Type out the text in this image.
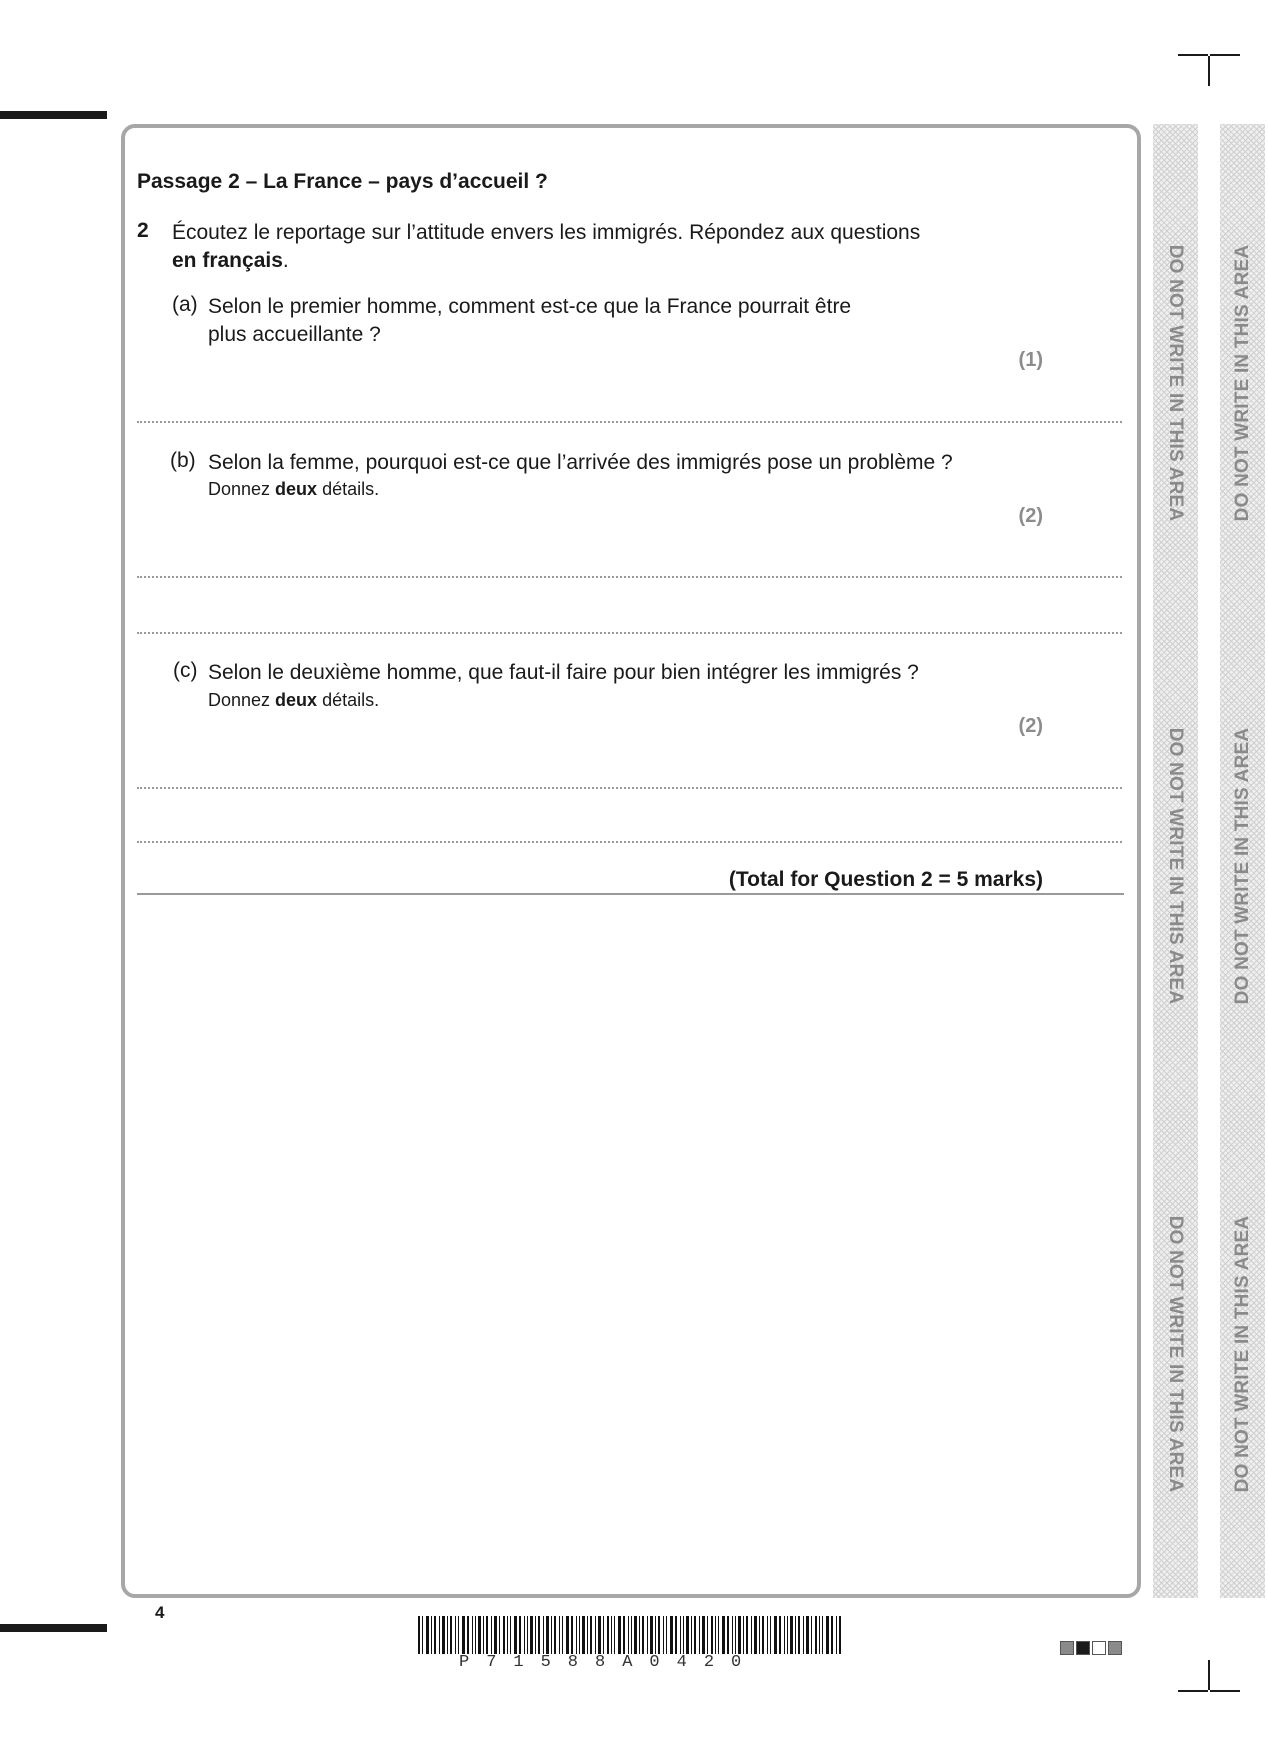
Passage 2 – La France – pays d’accueil ?
2 Écoutez le reportage sur l’attitude envers les immigrés. Répondez aux questions
en français.
(a) Selon le premier homme, comment est-ce que la France pourrait être
plus accueillante ?
(1)
(b) Selon la femme, pourquoi est-ce que l’arrivée des immigrés pose un problème ?
Donnez deux détails.
(2)
(c) Selon le deuxième homme, que faut-il faire pour bien intégrer les immigrés ?
Donnez deux détails.
(2)
(Total for Question 2 = 5 marks)
DO NOT WRITE IN THIS AREA
DO NOT WRITE IN THIS AREA
DO NOT WRITE IN THIS AREA
DO NOT WRITE IN THIS AREA
DO NOT WRITE IN THIS AREA
DO NOT WRITE IN THIS AREA
4
P71588A0420
